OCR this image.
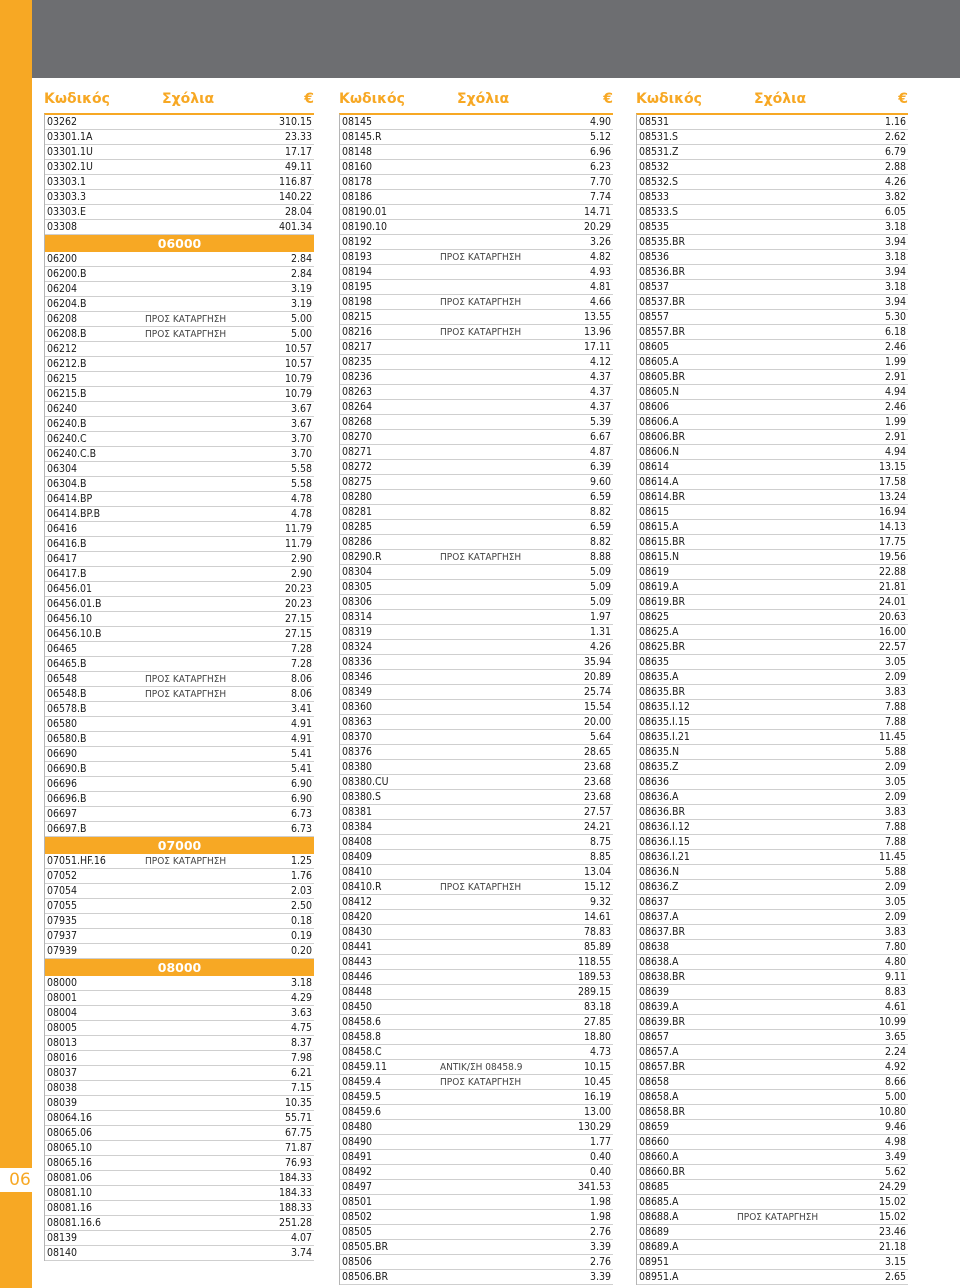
06
Κωδικός	Σχόλια	€
03262	310.15
03301.1A	23.33
03301.1U	17.17
03302.1U	49.11
03303.1	116.87
03303.3	140.22
03303.E	28.04
03308	401.34
06000
06200	2.84
06200.B	2.84
06204	3.19
06204.B	3.19
06208	ΠΡΟΣ ΚΑΤΑΡΓΗΣΗ	5.00
06208.B	ΠΡΟΣ ΚΑΤΑΡΓΗΣΗ	5.00
06212	10.57
06212.B	10.57
06215	10.79
06215.B	10.79
06240	3.67
06240.B	3.67
06240.C	3.70
06240.C.B	3.70
06304	5.58
06304.B	5.58
06414.BP	4.78
06414.BP.B	4.78
06416	11.79
06416.B	11.79
06417	2.90
06417.B	2.90
06456.01	20.23
06456.01.B	20.23
06456.10	27.15
06456.10.B	27.15
06465	7.28
06465.B	7.28
06548	ΠΡΟΣ ΚΑΤΑΡΓΗΣΗ	8.06
06548.B	ΠΡΟΣ ΚΑΤΑΡΓΗΣΗ	8.06
06578.B	3.41
06580	4.91
06580.B	4.91
06690	5.41
06690.B	5.41
06696	6.90
06696.B	6.90
06697	6.73
06697.B	6.73
07000
07051.HF.16	ΠΡΟΣ ΚΑΤΑΡΓΗΣΗ	1.25
07052	1.76
07054	2.03
07055	2.50
07935	0.18
07937	0.19
07939	0.20
08000
08000	3.18
08001	4.29
08004	3.63
08005	4.75
08013	8.37
08016	7.98
08037	6.21
08038	7.15
08039	10.35
08064.16	55.71
08065.06	67.75
08065.10	71.87
08065.16	76.93
08081.06	184.33
08081.10	184.33
08081.16	188.33
08081.16.6	251.28
08139	4.07
08140	3.74
Κωδικός	Σχόλια	€
08145	4.90
08145.R	5.12
08148	6.96
08160	6.23
08178	7.70
08186	7.74
08190.01	14.71
08190.10	20.29
08192	3.26
08193	ΠΡΟΣ ΚΑΤΑΡΓΗΣΗ	4.82
08194	4.93
08195	4.81
08198	ΠΡΟΣ ΚΑΤΑΡΓΗΣΗ	4.66
08215	13.55
08216	ΠΡΟΣ ΚΑΤΑΡΓΗΣΗ	13.96
08217	17.11
08235	4.12
08236	4.37
08263	4.37
08264	4.37
08268	5.39
08270	6.67
08271	4.87
08272	6.39
08275	9.60
08280	6.59
08281	8.82
08285	6.59
08286	8.82
08290.R	ΠΡΟΣ ΚΑΤΑΡΓΗΣΗ	8.88
08304	5.09
08305	5.09
08306	5.09
08314	1.97
08319	1.31
08324	4.26
08336	35.94
08346	20.89
08349	25.74
08360	15.54
08363	20.00
08370	5.64
08376	28.65
08380	23.68
08380.CU	23.68
08380.S	23.68
08381	27.57
08384	24.21
08408	8.75
08409	8.85
08410	13.04
08410.R	ΠΡΟΣ ΚΑΤΑΡΓΗΣΗ	15.12
08412	9.32
08420	14.61
08430	78.83
08441	85.89
08443	118.55
08446	189.53
08448	289.15
08450	83.18
08458.6	27.85
08458.8	18.80
08458.C	4.73
08459.11	ΑΝΤΙΚ/ΣΗ 08458.9	10.15
08459.4	ΠΡΟΣ ΚΑΤΑΡΓΗΣΗ	10.45
08459.5	16.19
08459.6	13.00
08480	130.29
08490	1.77
08491	0.40
08492	0.40
08497	341.53
08501	1.98
08502	1.98
08505	2.76
08505.BR	3.39
08506	2.76
08506.BR	3.39
Κωδικός	Σχόλια	€
08531	1.16
08531.S	2.62
08531.Z	6.79
08532	2.88
08532.S	4.26
08533	3.82
08533.S	6.05
08535	3.18
08535.BR	3.94
08536	3.18
08536.BR	3.94
08537	3.18
08537.BR	3.94
08557	5.30
08557.BR	6.18
08605	2.46
08605.A	1.99
08605.BR	2.91
08605.N	4.94
08606	2.46
08606.A	1.99
08606.BR	2.91
08606.N	4.94
08614	13.15
08614.A	17.58
08614.BR	13.24
08615	16.94
08615.A	14.13
08615.BR	17.75
08615.N	19.56
08619	22.88
08619.A	21.81
08619.BR	24.01
08625	20.63
08625.A	16.00
08625.BR	22.57
08635	3.05
08635.A	2.09
08635.BR	3.83
08635.I.12	7.88
08635.I.15	7.88
08635.I.21	11.45
08635.N	5.88
08635.Z	2.09
08636	3.05
08636.A	2.09
08636.BR	3.83
08636.I.12	7.88
08636.I.15	7.88
08636.I.21	11.45
08636.N	5.88
08636.Z	2.09
08637	3.05
08637.A	2.09
08637.BR	3.83
08638	7.80
08638.A	4.80
08638.BR	9.11
08639	8.83
08639.A	4.61
08639.BR	10.99
08657	3.65
08657.A	2.24
08657.BR	4.92
08658	8.66
08658.A	5.00
08658.BR	10.80
08659	9.46
08660	4.98
08660.A	3.49
08660.BR	5.62
08685	24.29
08685.A	15.02
08688.A	ΠΡΟΣ ΚΑΤΑΡΓΗΣΗ	15.02
08689	23.46
08689.A	21.18
08951	3.15
08951.A	2.65
